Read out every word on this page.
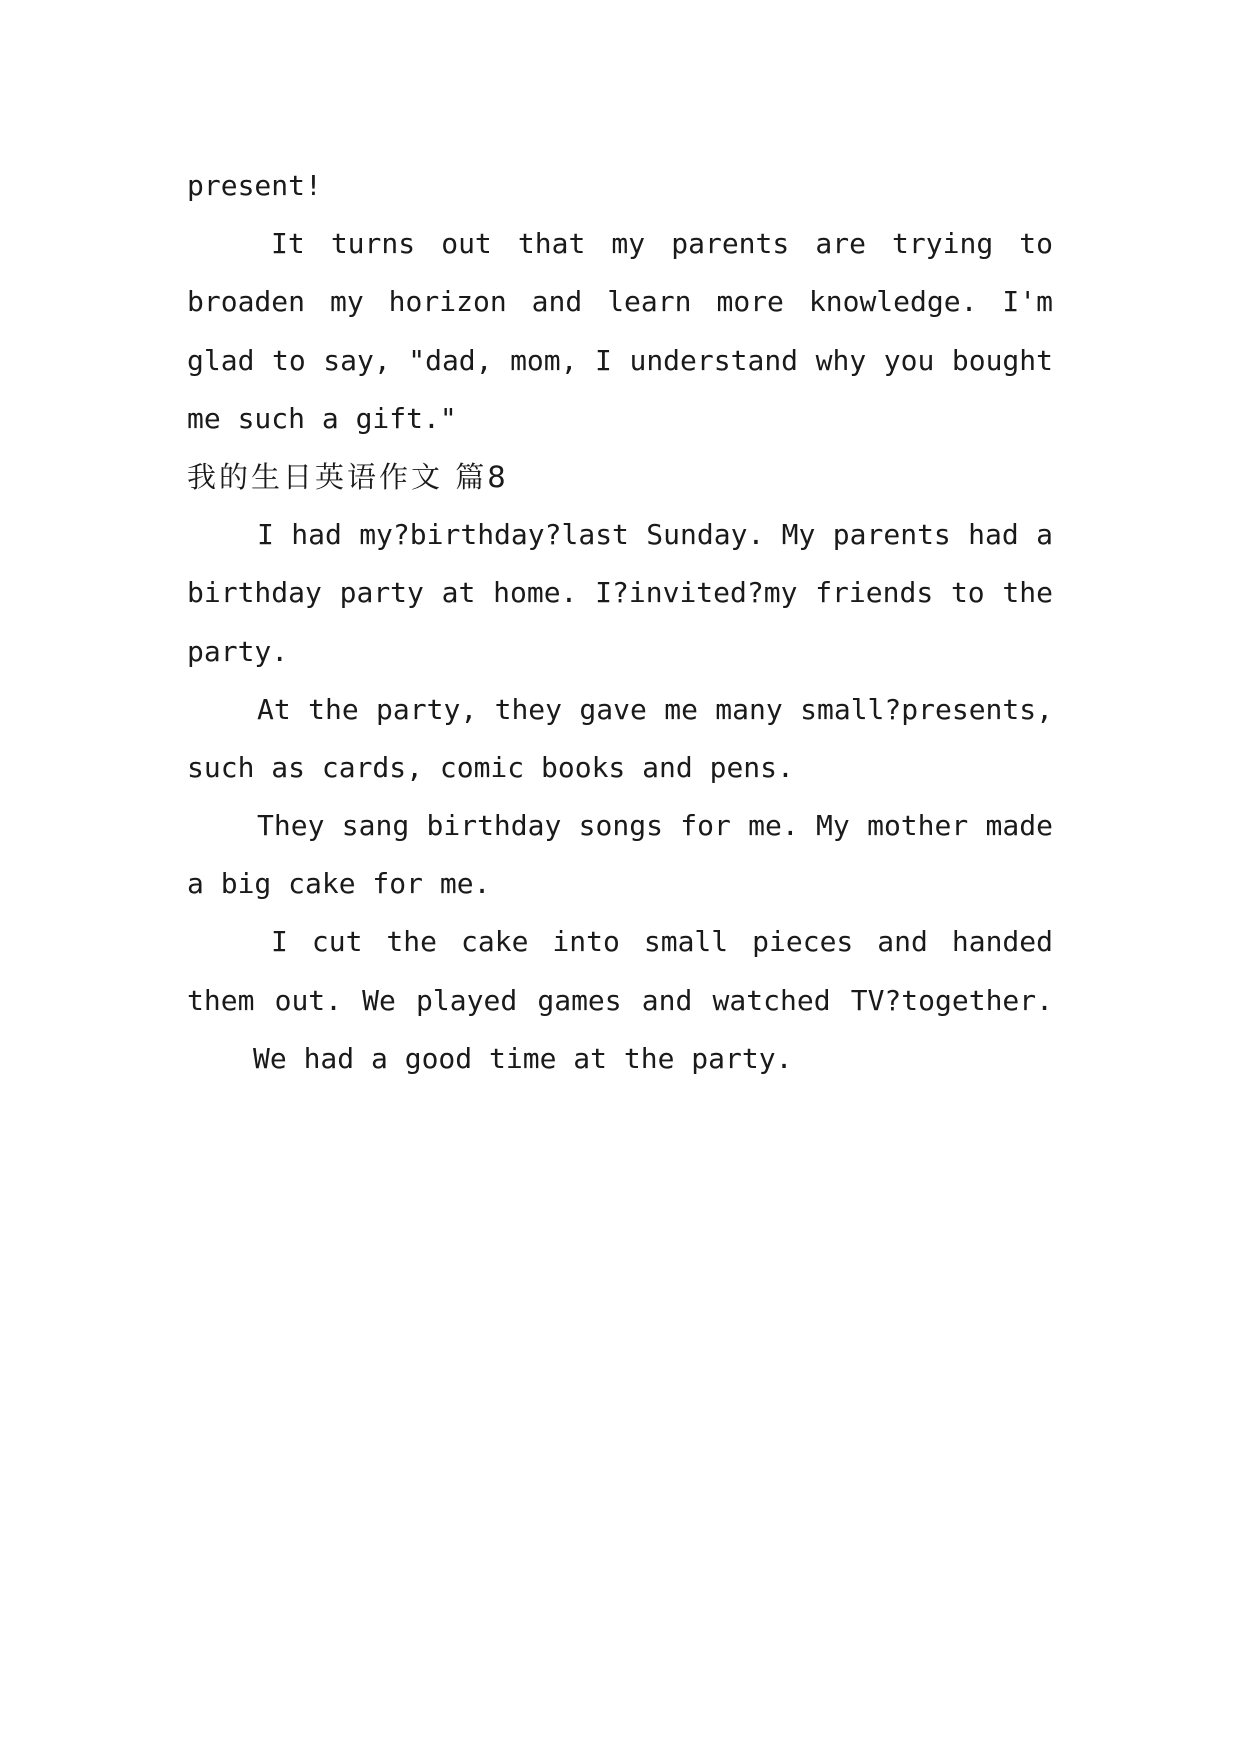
present!
It turns out that my parents are trying to
broaden my horizon and learn more knowledge. I'm
glad to say, "dad, mom, I understand why you bought
me such a gift."
我的生日英语作文 篇8
I had my?birthday?last Sunday. My parents had a
birthday party at home. I?invited?my friends to the
party.
At the party, they gave me many small?presents,
such as cards, comic books and pens.
They sang birthday songs for me. My mother made
a big cake for me.
I cut the cake into small pieces and handed
them out. We played games and watched TV?together.
We had a good time at the party.
